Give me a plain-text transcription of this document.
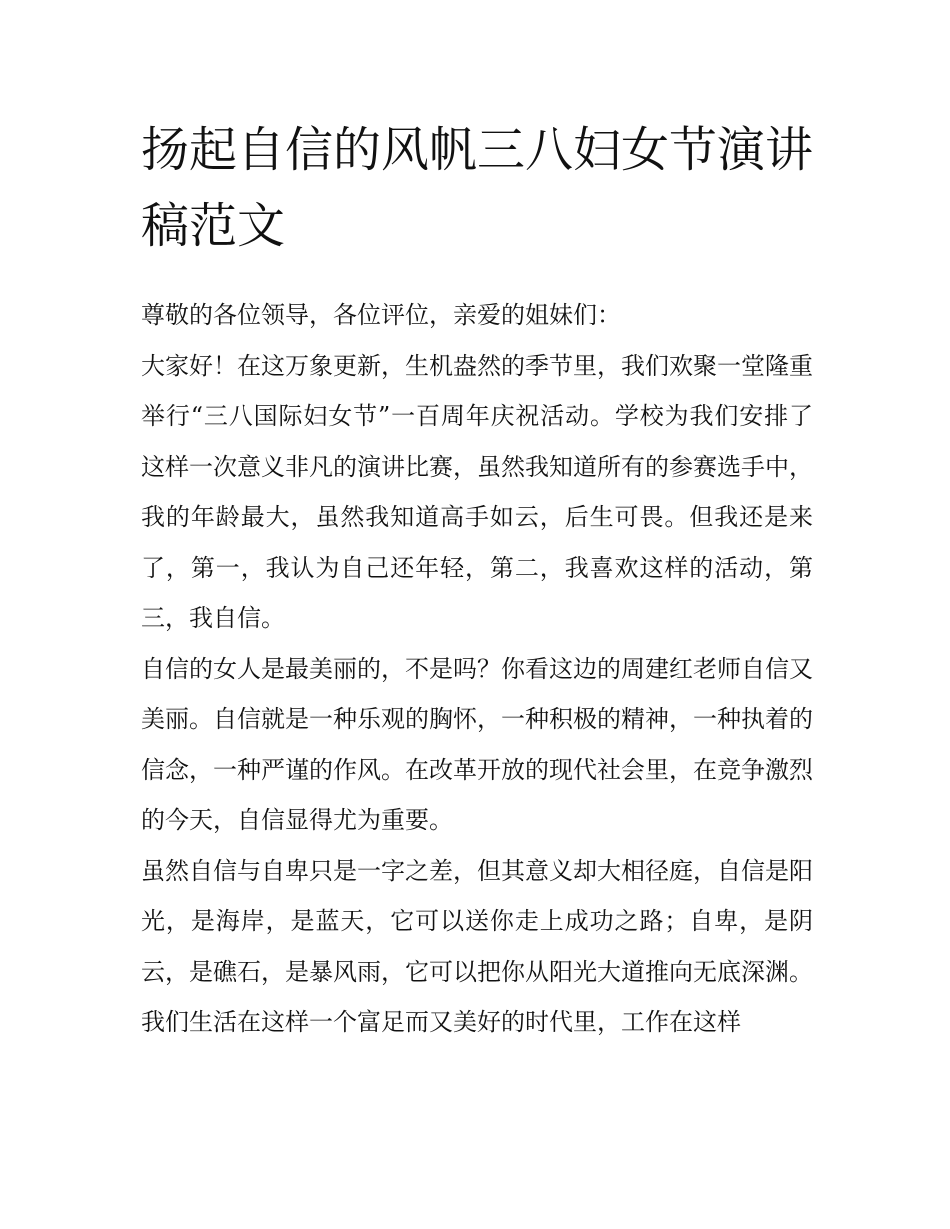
扬起自信的风帆三八妇女节演讲稿范文

尊敬的各位领导，各位评位，亲爱的姐妹们：

大家好！在这万象更新，生机盎然的季节里，我们欢聚一堂隆重举行“三八国际妇女节”一百周年庆祝活动。学校为我们安排了这样一次意义非凡的演讲比赛，虽然我知道所有的参赛选手中，

我的年龄最大，虽然我知道高手如云，后生可畏。但我还是来了，第一，我认为自己还年轻，第二，我喜欢这样的活动，第三，我自信。

自信的女人是最美丽的，不是吗？你看这边的周建红老师自信又美丽。自信就是一种乐观的胸怀，一种积极的精神，一种执着的信念，一种严谨的作风。在改革开放的现代社会里，在竞争激烈的今天，自信显得尤为重要。

虽然自信与自卑只是一字之差，但其意义却大相径庭，自信是阳光，是海岸，是蓝天，它可以送你走上成功之路；自卑，是阴云，是礁石，是暴风雨，它可以把你从阳光大道推向无底深渊。我们生活在这样一个富足而又美好的时代里，工作在这样
